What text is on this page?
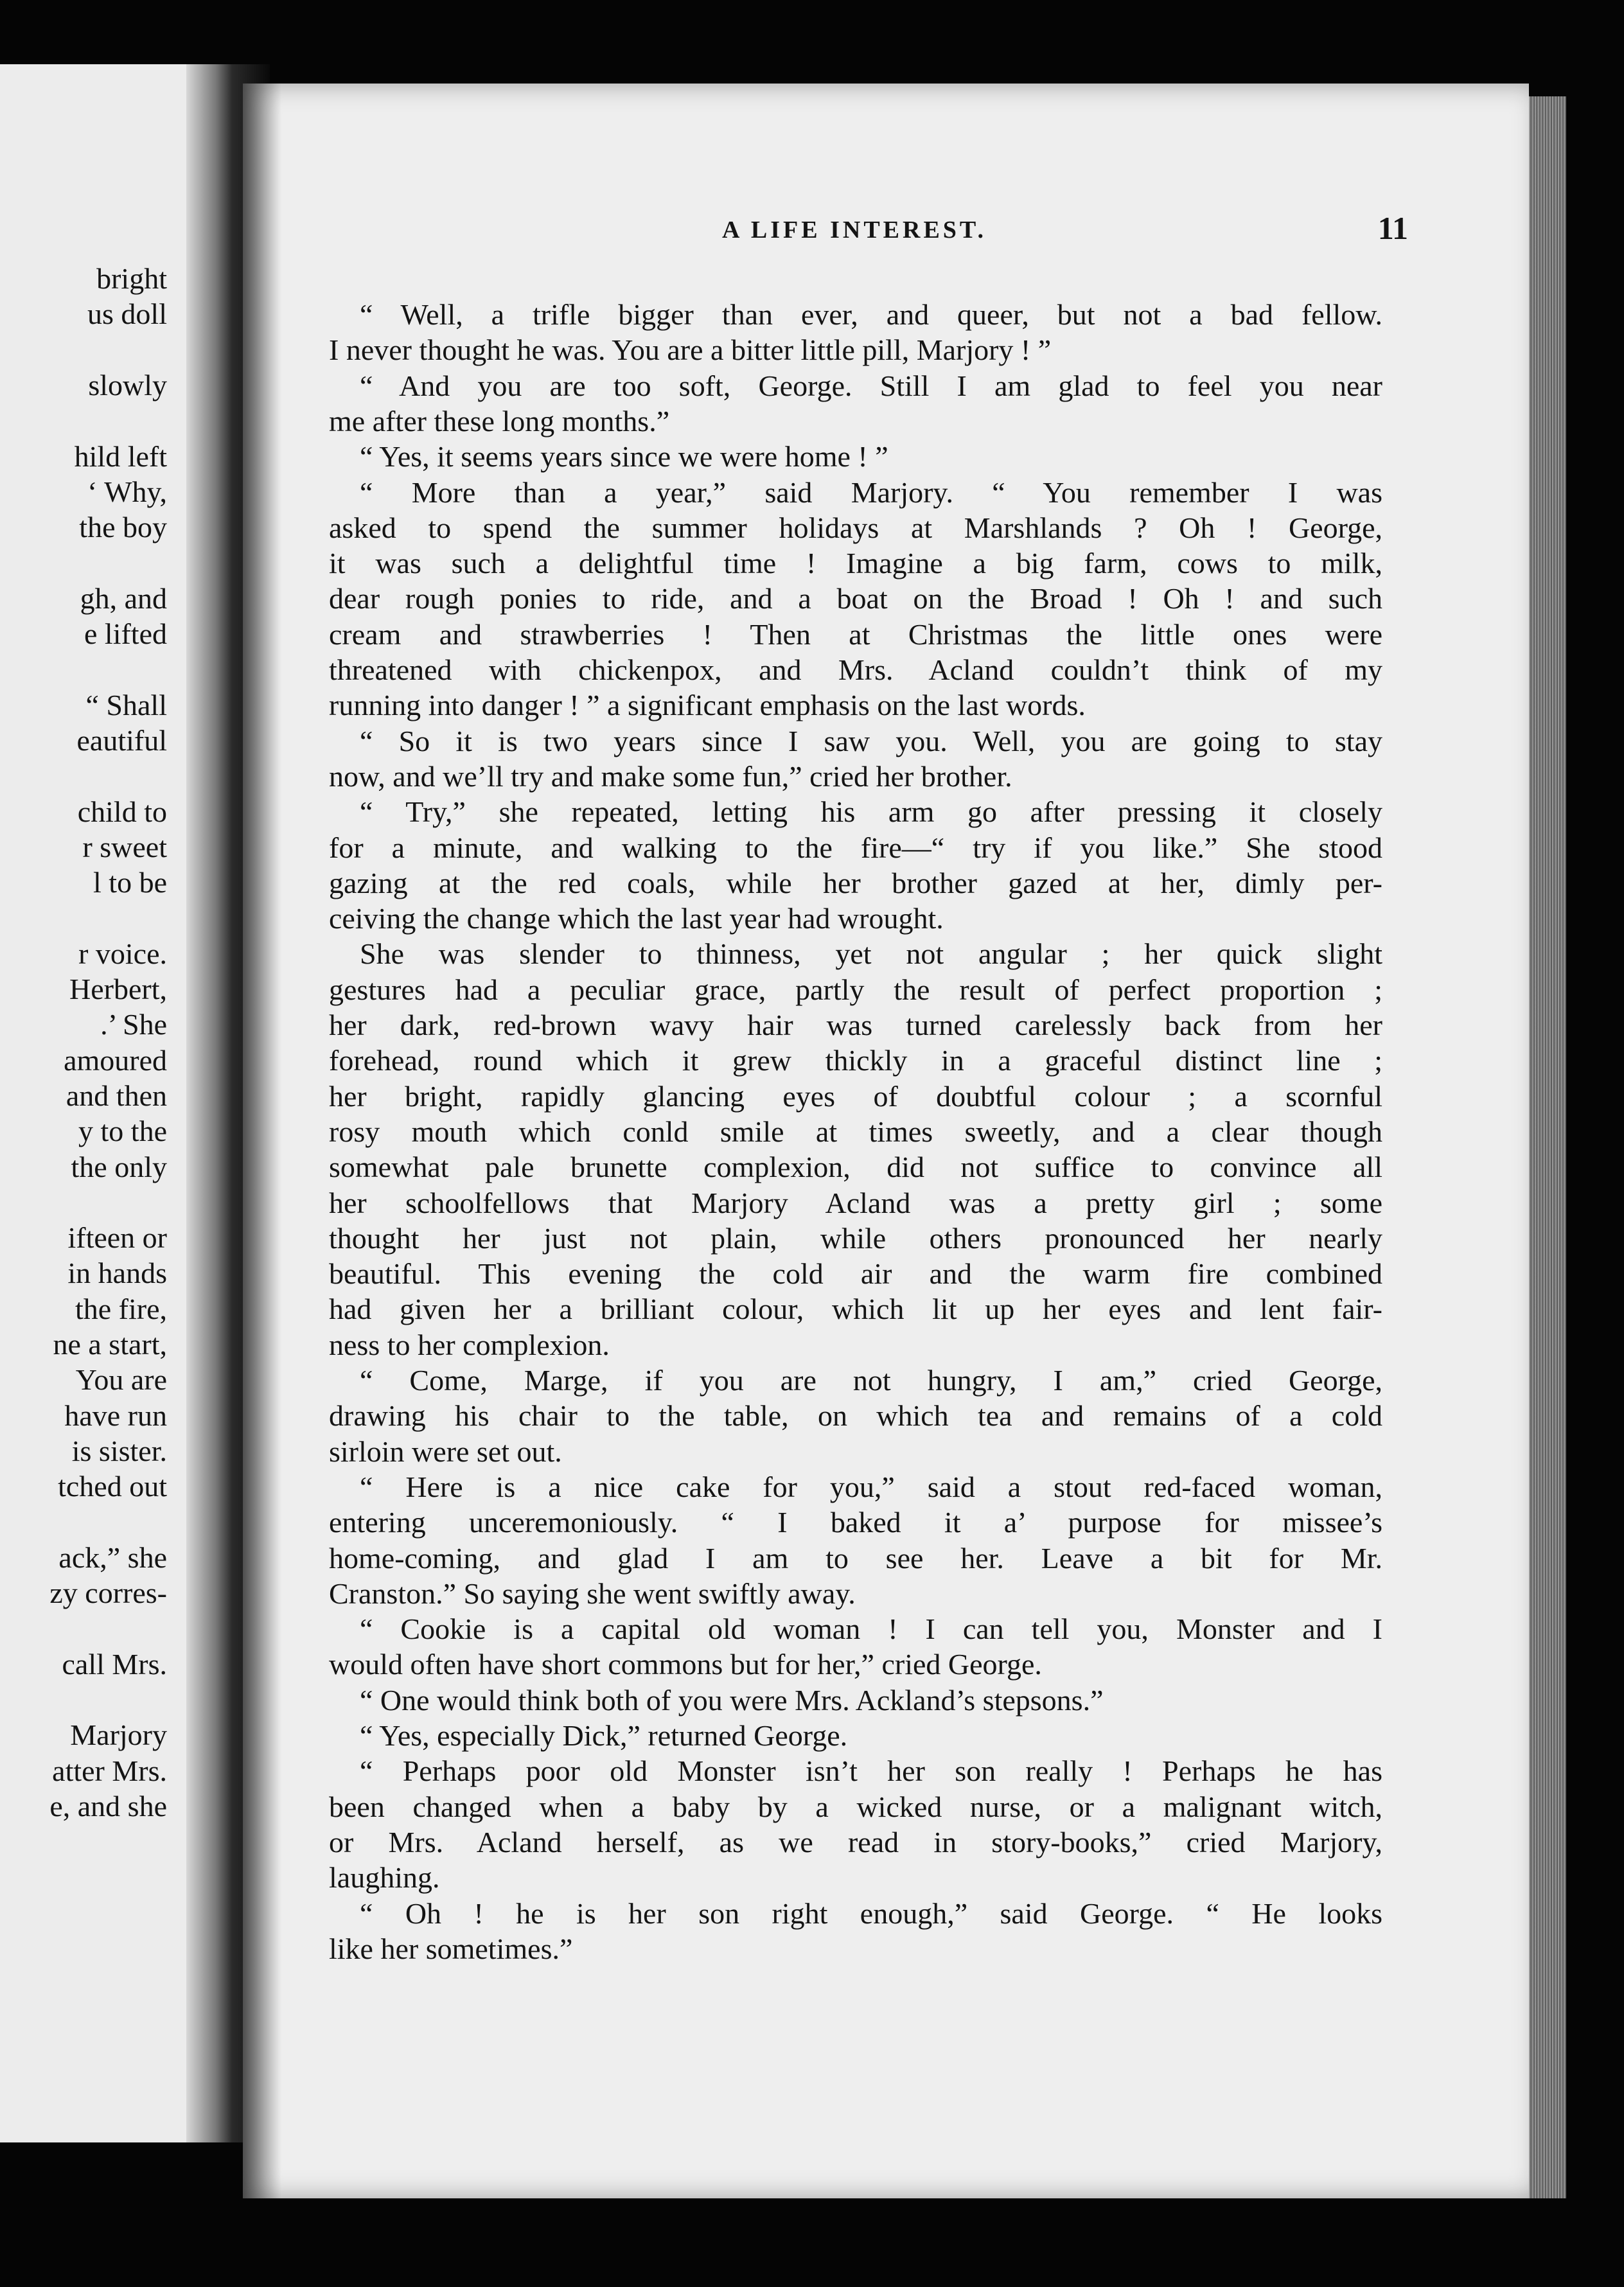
bright
us doll
slowly
hild left
‘ Why,
the boy
gh, and
e lifted
“ Shall
eautiful
child to
r sweet
l to be
r voice.
Herbert,
.’ She
amoured
and then
y to the
the only
ifteen or
in hands
the fire,
ne a start,
You are
have run
is sister.
tched out
ack,” she
zy corres-
call Mrs.
Marjory
atter Mrs.
e, and she
A LIFE INTEREST.	11
“ Well, a trifle bigger than ever, and queer, but not a bad fellow.
I never thought he was. You are a bitter little pill, Marjory ! ”
“ And you are too soft, George. Still I am glad to feel you near
me after these long months.”
“ Yes, it seems years since we were home ! ”
“ More than a year,” said Marjory. “ You remember I was
asked to spend the summer holidays at Marshlands ? Oh ! George,
it was such a delightful time ! Imagine a big farm, cows to milk,
dear rough ponies to ride, and a boat on the Broad ! Oh ! and such
cream and strawberries ! Then at Christmas the little ones were
threatened with chickenpox, and Mrs. Acland couldn’t think of my
running into danger ! ” a significant emphasis on the last words.
“ So it is two years since I saw you. Well, you are going to stay
now, and we’ll try and make some fun,” cried her brother.
“ Try,” she repeated, letting his arm go after pressing it closely
for a minute, and walking to the fire—“ try if you like.” She stood
gazing at the red coals, while her brother gazed at her, dimly per-
ceiving the change which the last year had wrought.
She was slender to thinness, yet not angular ; her quick slight
gestures had a peculiar grace, partly the result of perfect proportion ;
her dark, red-brown wavy hair was turned carelessly back from her
forehead, round which it grew thickly in a graceful distinct line ;
her bright, rapidly glancing eyes of doubtful colour ; a scornful
rosy mouth which conld smile at times sweetly, and a clear though
somewhat pale brunette complexion, did not suffice to convince all
her schoolfellows that Marjory Acland was a pretty girl ; some
thought her just not plain, while others pronounced her nearly
beautiful. This evening the cold air and the warm fire combined
had given her a brilliant colour, which lit up her eyes and lent fair-
ness to her complexion.
“ Come, Marge, if you are not hungry, I am,” cried George,
drawing his chair to the table, on which tea and remains of a cold
sirloin were set out.
“ Here is a nice cake for you,” said a stout red-faced woman,
entering unceremoniously. “ I baked it a’ purpose for missee’s
home-coming, and glad I am to see her. Leave a bit for Mr.
Cranston.” So saying she went swiftly away.
“ Cookie is a capital old woman ! I can tell you, Monster and I
would often have short commons but for her,” cried George.
“ One would think both of you were Mrs. Ackland’s stepsons.”
“ Yes, especially Dick,” returned George.
“ Perhaps poor old Monster isn’t her son really ! Perhaps he has
been changed when a baby by a wicked nurse, or a malignant witch,
or Mrs. Acland herself, as we read in story-books,” cried Marjory,
laughing.
“ Oh ! he is her son right enough,” said George. “ He looks
like her sometimes.”
